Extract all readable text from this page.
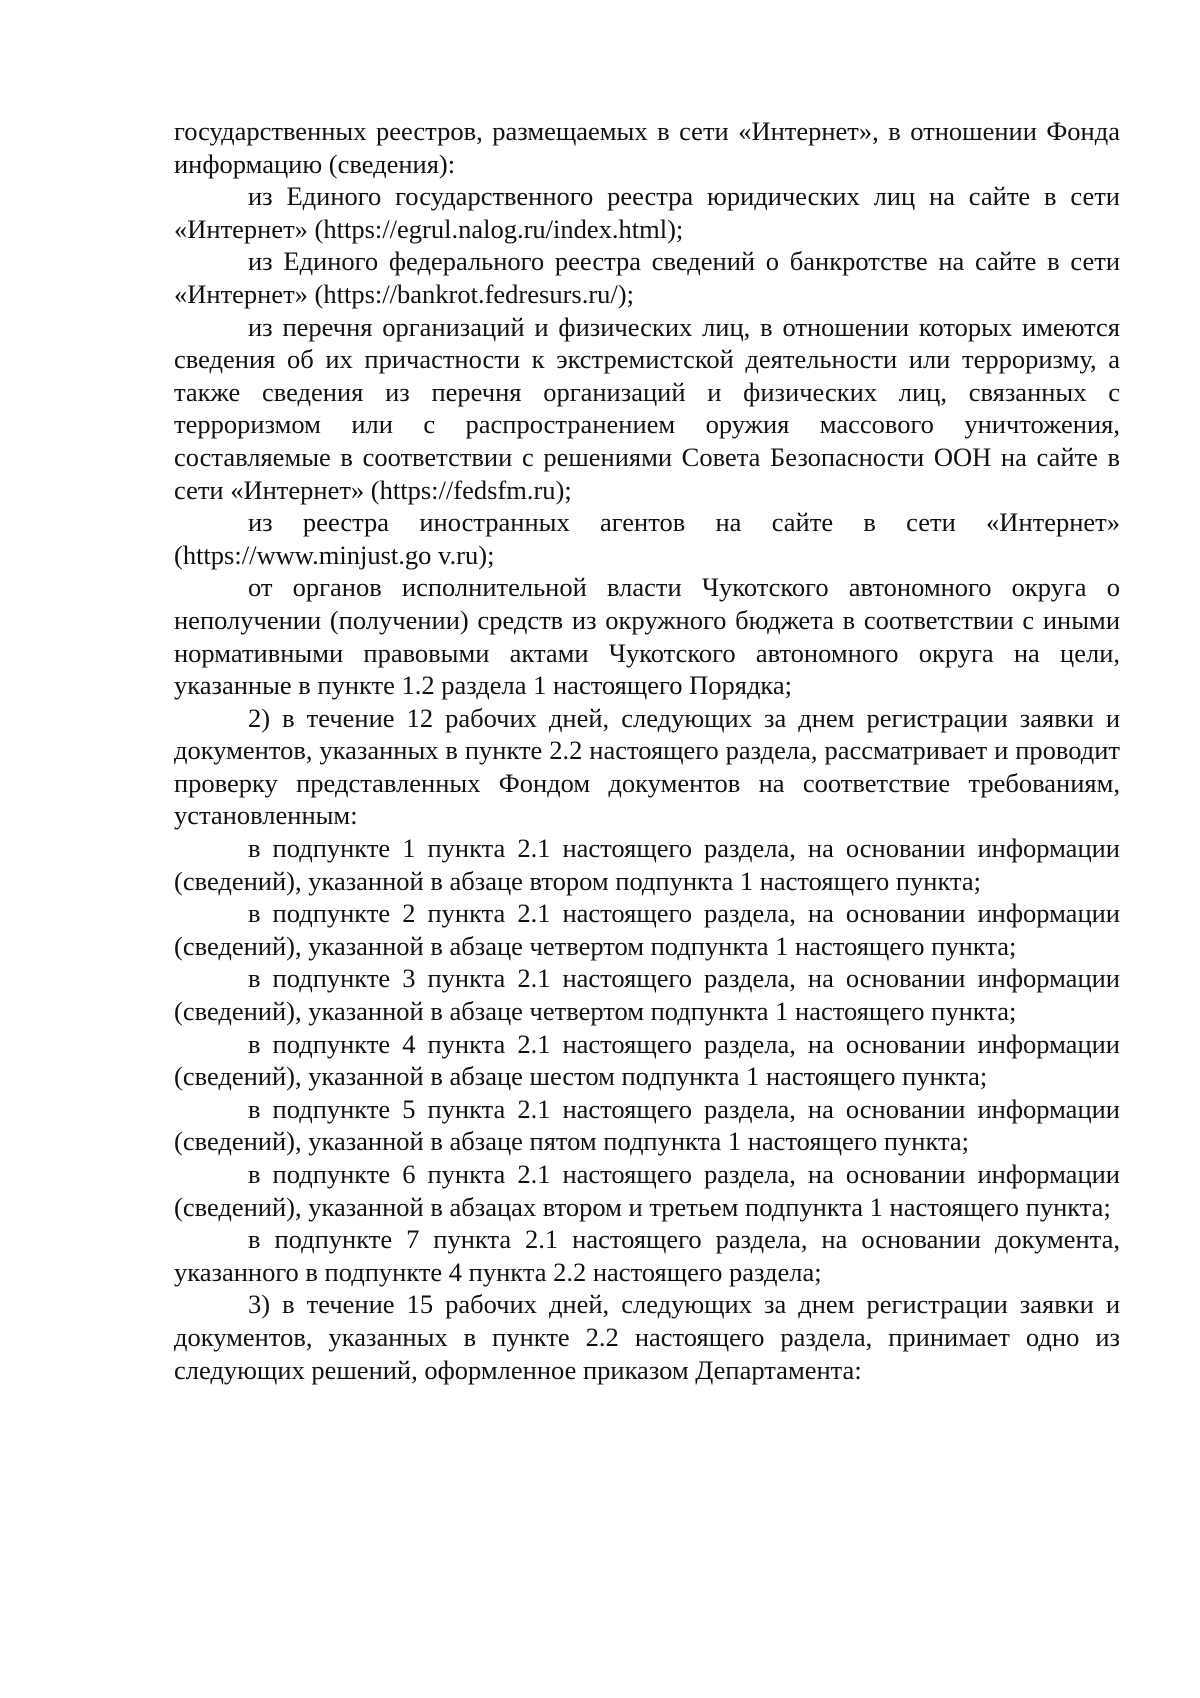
государственных реестров, размещаемых в сети «Интернет», в отношении Фонда информацию (сведения):

из Единого государственного реестра юридических лиц на сайте в сети «Интернет» (https://egrul.nalog.ru/index.html);

из Единого федерального реестра сведений о банкротстве на сайте в сети «Интернет» (https://bankrot.fedresurs.ru/);

из перечня организаций и физических лиц, в отношении которых имеются сведения об их причастности к экстремистской деятельности или терроризму, а также сведения из перечня организаций и физических лиц, связанных с терроризмом или с распространением оружия массового уничтожения, составляемые в соответствии с решениями Совета Безопасности ООН на сайте в сети «Интернет» (https://fedsfm.ru);

из реестра иностранных агентов на сайте в сети «Интернет» (https://www.minjust.go v.ru);

от органов исполнительной власти Чукотского автономного округа о неполучении (получении) средств из окружного бюджета в соответствии с иными нормативными правовыми актами Чукотского автономного округа на цели, указанные в пункте 1.2 раздела 1 настоящего Порядка;

2) в течение 12 рабочих дней, следующих за днем регистрации заявки и документов, указанных в пункте 2.2 настоящего раздела, рассматривает и проводит проверку представленных Фондом документов на соответствие требованиям, установленным:

в подпункте 1 пункта 2.1 настоящего раздела, на основании информации (сведений), указанной в абзаце втором подпункта 1 настоящего пункта;

в подпункте 2 пункта 2.1 настоящего раздела, на основании информации (сведений), указанной в абзаце четвертом подпункта 1 настоящего пункта;

в подпункте 3 пункта 2.1 настоящего раздела, на основании информации (сведений), указанной в абзаце четвертом подпункта 1 настоящего пункта;

в подпункте 4 пункта 2.1 настоящего раздела, на основании информации (сведений), указанной в абзаце шестом подпункта 1 настоящего пункта;

в подпункте 5 пункта 2.1 настоящего раздела, на основании информации (сведений), указанной в абзаце пятом подпункта 1 настоящего пункта;

в подпункте 6 пункта 2.1 настоящего раздела, на основании информации (сведений), указанной в абзацах втором и третьем подпункта 1 настоящего пункта;

в подпункте 7 пункта 2.1 настоящего раздела, на основании документа, указанного в подпункте 4 пункта 2.2 настоящего раздела;

3) в течение 15 рабочих дней, следующих за днем регистрации заявки и документов, указанных в пункте 2.2 настоящего раздела, принимает одно из следующих решений, оформленное приказом Департамента:
